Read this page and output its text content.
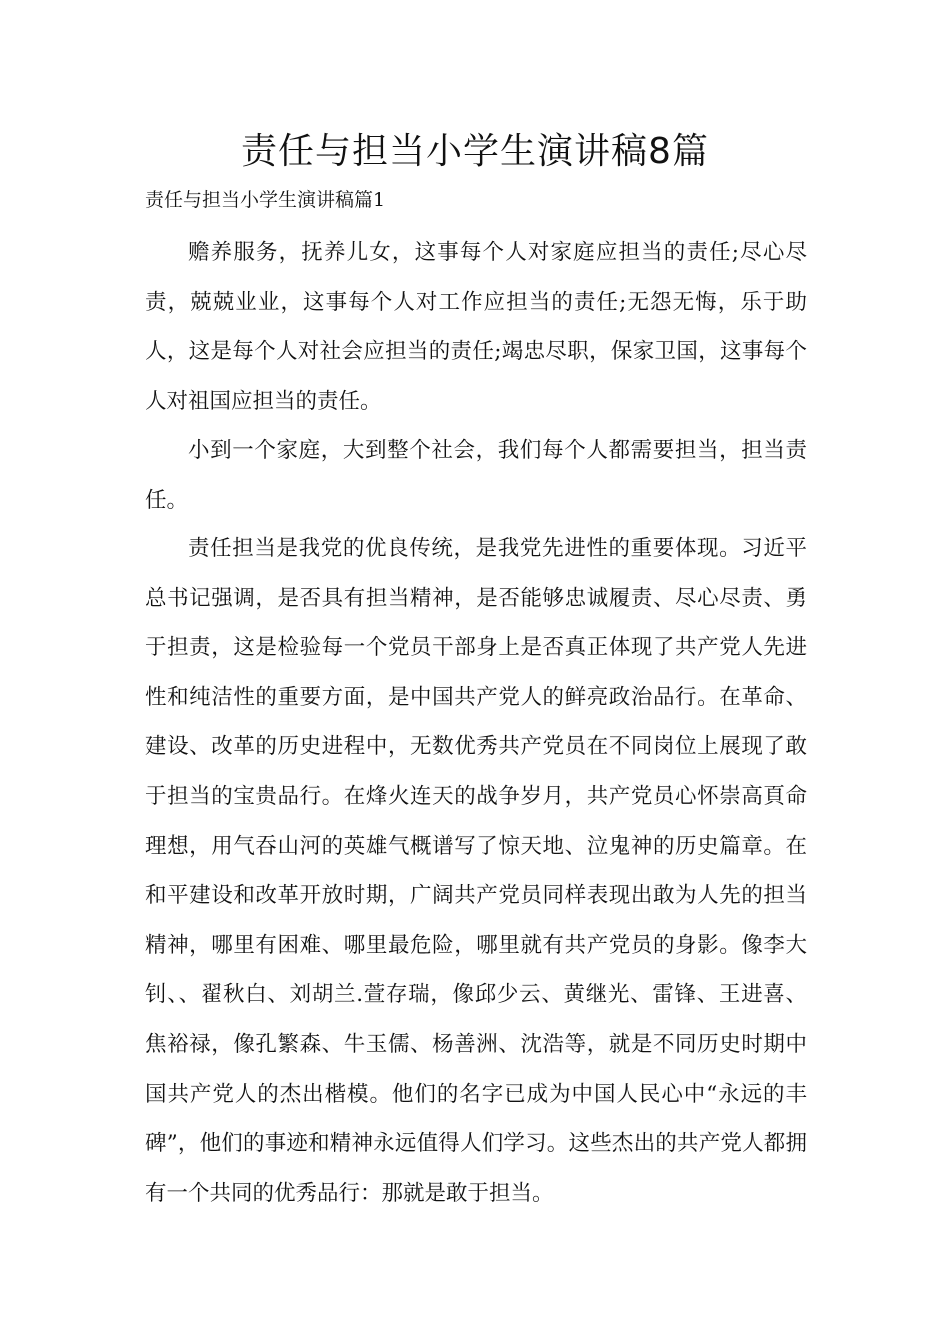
责任与担当小学生演讲稿8篇

责任与担当小学生演讲稿篇1

赡养服务，抚养儿女，这事每个人对家庭应担当的责任;尽心尽责，兢兢业业，这事每个人对工作应担当的责任;无怨无悔，乐于助人，这是每个人对社会应担当的责任;竭忠尽职，保家卫国，这事每个人对祖国应担当的责任。

小到一个家庭，大到整个社会，我们每个人都需要担当，担当责任。

责任担当是我党的优良传统，是我党先进性的重要体现。习近平总书记强调，是否具有担当精神，是否能够忠诚履责、尽心尽责、勇于担责，这是检验每一个党员干部身上是否真正体现了共产党人先进性和纯洁性的重要方面，是中国共产党人的鲜亮政治品行。在革命、建设、改革的历史进程中，无数优秀共产党员在不同岗位上展现了敢于担当的宝贵品行。在烽火连天的战争岁月，共产党员心怀崇高頁命理想，用气吞山河的英雄气概谱写了惊天地、泣鬼神的历史篇章。在和平建设和改革开放时期，广阔共产党员同样表现出敢为人先的担当精神，哪里有困难、哪里最危险，哪里就有共产党员的身影。像李大钊、、翟秋白、刘胡兰.萱存瑞，像邱少云、黄继光、雷锋、王进喜、焦裕禄，像孔繁森、牛玉儒、杨善洲、沈浩等，就是不同历史时期中国共产党人的杰出楷模。他们的名字已成为中国人民心中“永远的丰碑”，他们的事迹和精神永远值得人们学习。这些杰出的共产党人都拥有一个共同的优秀品行：那就是敢于担当。
